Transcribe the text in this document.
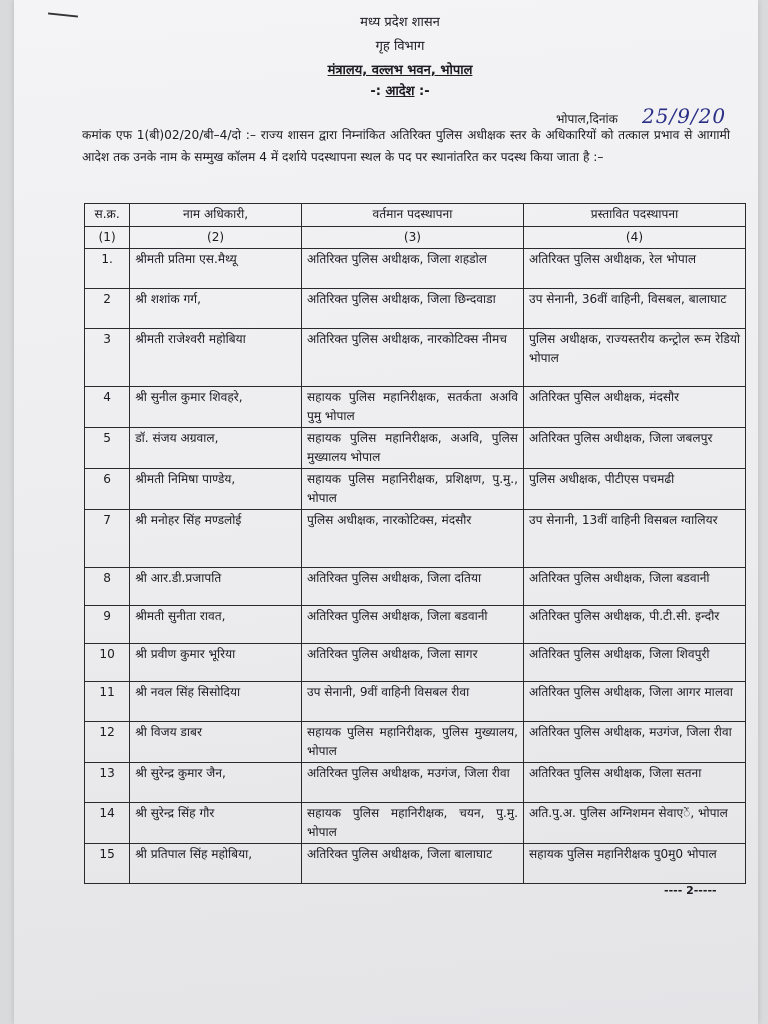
मध्य प्रदेश शासन
गृह विभाग
मंत्रालय, वल्लभ भवन, भोपाल
-: आदेश :-
भोपाल,दिनांक 25/9/20
कमांक एफ 1(बी)02/20/बी–4/दो :– राज्य शासन द्वारा निम्नांकित अतिरिक्त पुलिस अधीक्षक स्तर के अधिकारियों को तत्काल प्रभाव से आगामी आदेश तक उनके नाम के सम्मुख कॉलम 4 में दर्शाये पदस्थापना स्थल के पद पर स्थानांतरित कर पदस्थ किया जाता है :–
स.क्र.	नाम अधिकारी,	वर्तमान पदस्थापना	प्रस्तावित पदस्थापना
(1)	(2)	(3)	(4)
1.	श्रीमती प्रतिमा एस.मैथ्यू	अतिरिक्त पुलिस अधीक्षक, जिला शहडोल	अतिरिक्त पुलिस अधीक्षक, रेल भोपाल
2	श्री शशांक गर्ग,	अतिरिक्त पुलिस अधीक्षक, जिला छिन्दवाडा	उप सेनानी, 36वीं वाहिनी, विसबल, बालाघाट
3	श्रीमती राजेश्वरी महोबिया	अतिरिक्त पुलिस अधीक्षक, नारकोटिक्स नीमच	पुलिस अधीक्षक, राज्यस्तरीय कन्ट्रोल रूम रेडियो भोपाल
4	श्री सुनील कुमार शिवहरे,	सहायक पुलिस महानिरीक्षक, सतर्कता अअवि पुमु भोपाल	अतिरिक्त पुसिल अधीक्षक, मंदसौर
5	डॉ. संजय अग्रवाल,	सहायक पुलिस महानिरीक्षक, अअवि, पुलिस मुख्यालय भोपाल	अतिरिक्त पुलिस अधीक्षक, जिला जबलपुर
6	श्रीमती निमिषा पाण्डेय,	सहायक पुलिस महानिरीक्षक, प्रशिक्षण, पु.मु., भोपाल	पुलिस अधीक्षक, पीटीएस पचमढी
7	श्री मनोहर सिंह मण्डलोई	पुलिस अधीक्षक, नारकोटिक्स, मंदसौर	उप सेनानी, 13वीं वाहिनी विसबल ग्वालियर
8	श्री आर.डी.प्रजापति	अतिरिक्त पुलिस अधीक्षक, जिला दतिया	अतिरिक्त पुलिस अधीक्षक, जिला बडवानी
9	श्रीमती सुनीता रावत,	अतिरिक्त पुलिस अधीक्षक, जिला बडवानी	अतिरिक्त पुलिस अधीक्षक, पी.टी.सी. इन्दौर
10	श्री प्रवीण कुमार भूरिया	अतिरिक्त पुलिस अधीक्षक, जिला सागर	अतिरिक्त पुलिस अधीक्षक, जिला शिवपुरी
11	श्री नवल सिंह सिसोदिया	उप सेनानी, 9वीं वाहिनी विसबल रीवा	अतिरिक्त पुलिस अधीक्षक, जिला आगर मालवा
12	श्री विजय डाबर	सहायक पुलिस महानिरीक्षक, पुलिस मुख्यालय, भोपाल	अतिरिक्त पुलिस अधीक्षक, मउगंज, जिला रीवा
13	श्री सुरेन्द्र कुमार जैन,	अतिरिक्त पुलिस अधीक्षक, मउगंज, जिला रीवा	अतिरिक्त पुलिस अधीक्षक, जिला सतना
14	श्री सुरेन्द्र सिंह गौर	सहायक पुलिस महानिरीक्षक, चयन, पु.मु. भोपाल	अति.पु.अ. पुलिस अग्निशमन सेवाएें, भोपाल
15	श्री प्रतिपाल सिंह महोबिया,	अतिरिक्त पुलिस अधीक्षक, जिला बालाघाट	सहायक पुलिस महानिरीक्षक पु0मु0 भोपाल
---- 2-----
